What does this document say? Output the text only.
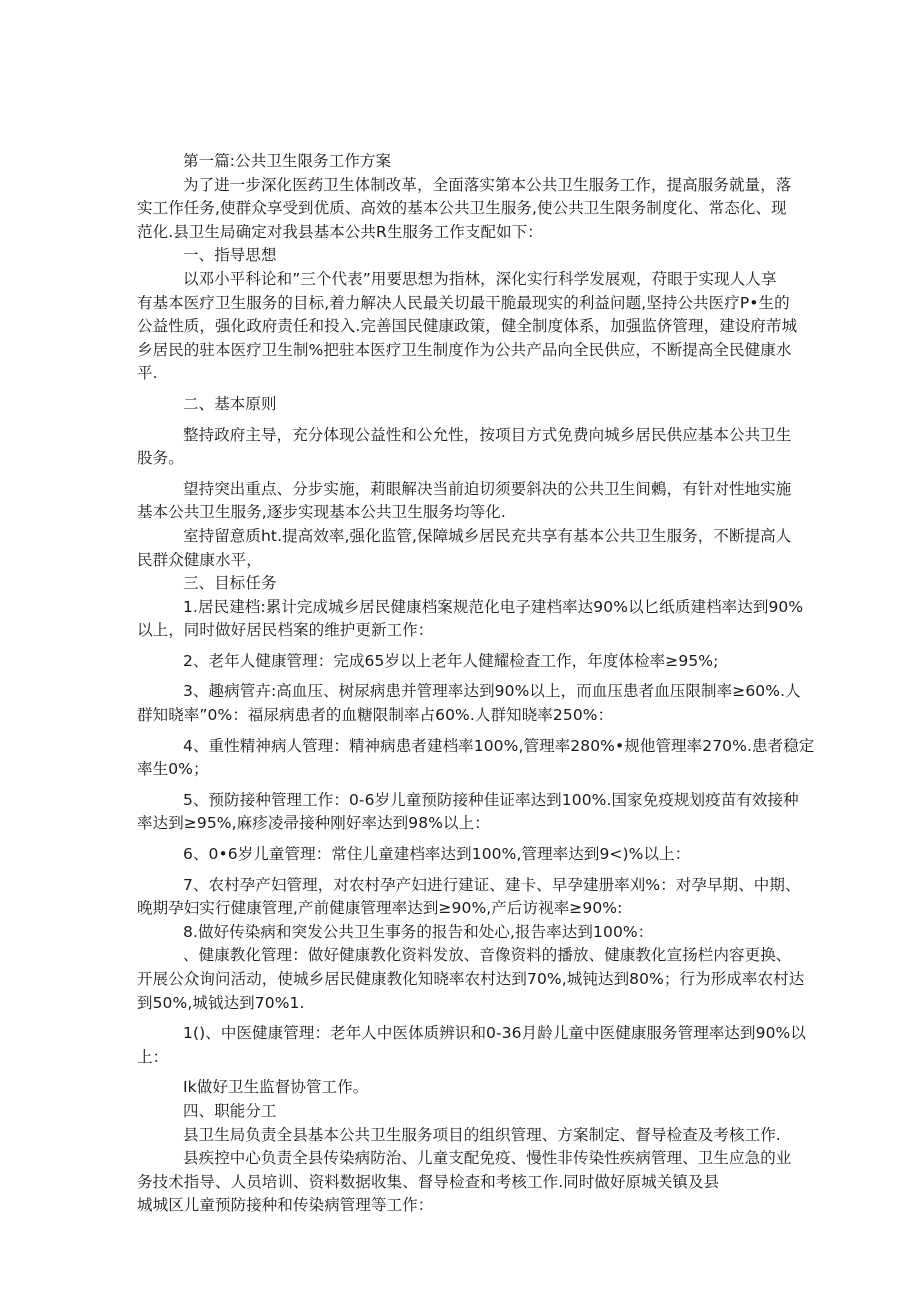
第一篇:公共卫生限务工作方案
为了进一步深化医药卫生体制改革，全面落实第本公共卫生服务工作，提高服务就量，落
实工作任务,使群众享受到优质、高效的基本公共卫生服务,使公共卫生限务制度化、常态化、现
范化.县卫生局确定对我县基本公共R生服务工作支配如下：
一、指导思想
以邓小平科论和”三个代表”用要思想为指林，深化实行科学发展观，苻眼于实现人人享
有基本医疗卫生服务的目标,着力解决人民最关切最干脆最现实的利益问题,坚持公共医疗P•生的
公益性质，强化政府责任和投入.完善国民健康政策，健全制度体系，加强监侪管理，建设府芾城
乡居民的驻本医疗卫生制%把驻本医疗卫生制度作为公共产品向全民供应，不断提高全民健康水
平.
二、基本原则
整持政府主导，充分体现公益性和公允性，按项目方式免费向城乡居民供应基本公共卫生
股务。
望持突出重点、分步实施，莉眼解决当前迫切须要斜决的公共卫生间鶫，有针对性地实施
基本公共卫生服务,逐步实现基本公共卫生服务均等化.
室持留意质ht.提高效率,强化监管,保障城乡居民充共享有基本公共卫生服务，不断提高人
民群众健康水平，
三、目标任务
1.居民建档:累计完成城乡居民健康档案规范化电子建档率达90%以匕纸质建档率达到90%
以上，同时做好居民档案的维护更新工作：
2、老年人健康管理：完成65岁以上老年人健耀检査工作，年度体检率≥95%;
3、趣病管卉:高血压、树尿病患并管理率达到90%以上，而血压患者血压限制率≥60%.人
群知晓率”0%：福尿病患者的血糖限制率占60%.人群知晓率250%：
4、重性精神病人管理：精神病患者建档率100%,管理率280%•规他管理率270%.患者稳定
率生0%；
5、预防接种管理工作：0-6岁儿童预防接种佳证率达到100%.国家免疫规划疫苗有效接种
率达到≥95%,麻疹凌帚接种刚好率达到98%以上：
6、0•6岁儿童管理：常住儿童建档率达到100%,管理率达到9<)%以上：
7、农村孕产妇管理，对农村孕产妇进行建证、建卡、早孕建册率刈%：对孕早期、中期、
晚期孕妇实行健康管理,产前健康管理率达到≥90%,产后访视率≥90%:
8.做好传染病和突发公共卫生事务的报告和处心,报告率达到100%：
、健康教化管理：做好健康教化资料发放、音像资料的播放、健康教化宣扬栏内容更换、
开展公众询问活动，使城乡居民健康教化知晓率农村达到70%,城钝达到80%；行为形成率农村达
到50%,城钺达到70%1.
1()、中医健康管理：老年人中医体质辨识和0-36月龄儿童中医健康服务管理率达到90%以
上：
Ik做好卫生监督协管工作。
四、职能分工
县卫生局负责全县基本公共卫生服务项目的组织管理、方案制定、督导检查及考核工作.
县疾控中心负责全县传染病防治、儿童支配免疫、慢性非传染性疾病管理、卫生应急的业
务技术指导、人员培训、资料数据收集、督导检查和考核工作.同时做好原城关镇及县
城城区儿童预防接种和传染病管理等工作：
